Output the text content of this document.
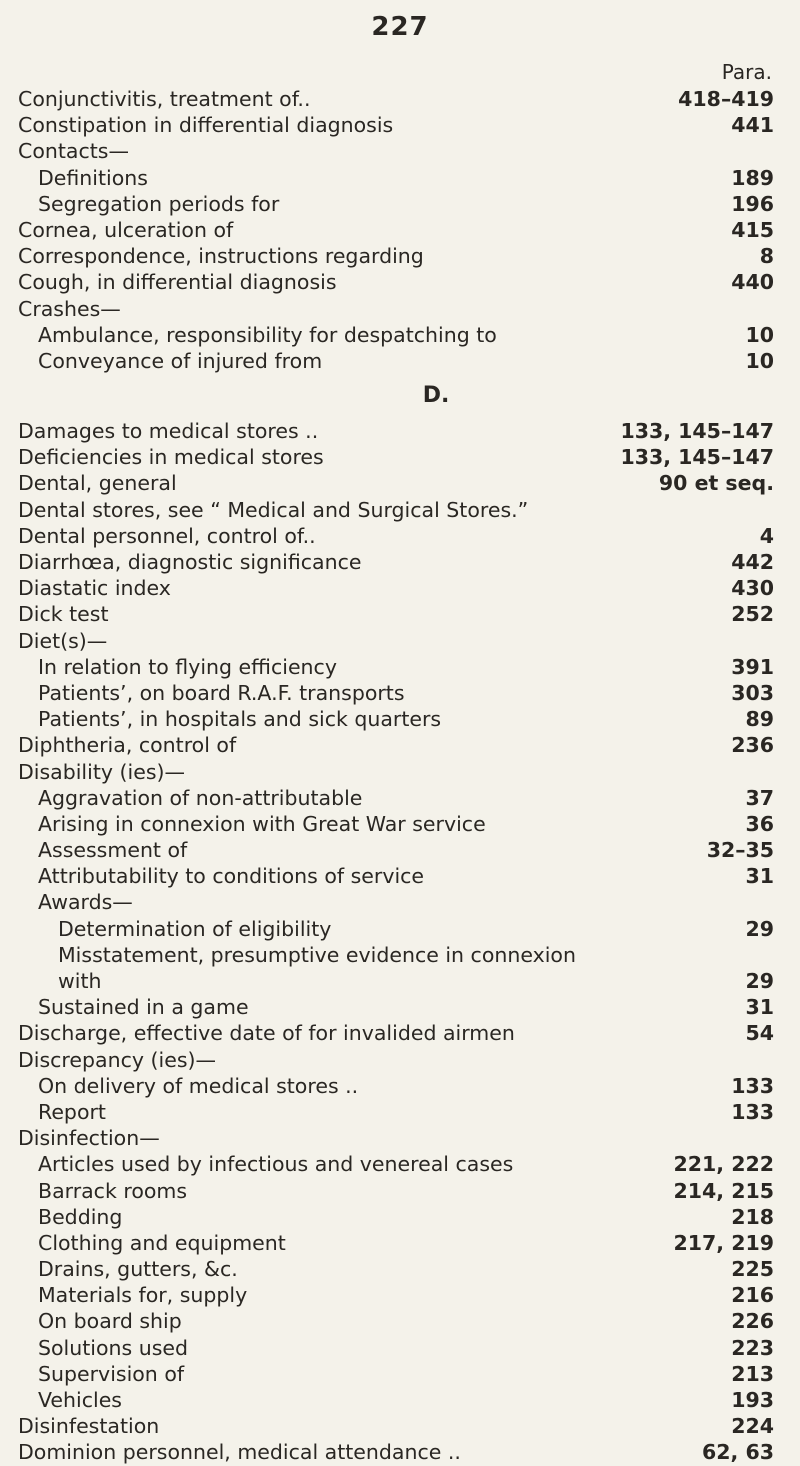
227
Para.
Conjunctivitis, treatment of..	418–419
Constipation in differential diagnosis	441
Contacts—
Definitions	189
Segregation periods for	196
Cornea, ulceration of	415
Correspondence, instructions regarding	8
Cough, in differential diagnosis	440
Crashes—
Ambulance, responsibility for despatching to	10
Conveyance of injured from	10
D.
Damages to medical stores ..	133, 145–147
Deficiencies in medical stores	133, 145–147
Dental, general	90 et seq.
Dental stores, see “ Medical and Surgical Stores.”
Dental personnel, control of..	4
Diarrhœa, diagnostic significance	442
Diastatic index	430
Dick test	252
Diet(s)—
In relation to flying efficiency	391
Patients’, on board R.A.F. transports	303
Patients’, in hospitals and sick quarters	89
Diphtheria, control of	236
Disability (ies)—
Aggravation of non-attributable	37
Arising in connexion with Great War service	36
Assessment of	32–35
Attributability to conditions of service	31
Awards—
Determination of eligibility	29
Misstatement, presumptive evidence in connexion
with	29
Sustained in a game	31
Discharge, effective date of for invalided airmen	54
Discrepancy (ies)—
On delivery of medical stores ..	133
Report	133
Disinfection—
Articles used by infectious and venereal cases	221, 222
Barrack rooms	214, 215
Bedding	218
Clothing and equipment	217, 219
Drains, gutters, &c.	225
Materials for, supply	216
On board ship	226
Solutions used	223
Supervision of	213
Vehicles	193
Disinfestation	224
Dominion personnel, medical attendance ..	62, 63
